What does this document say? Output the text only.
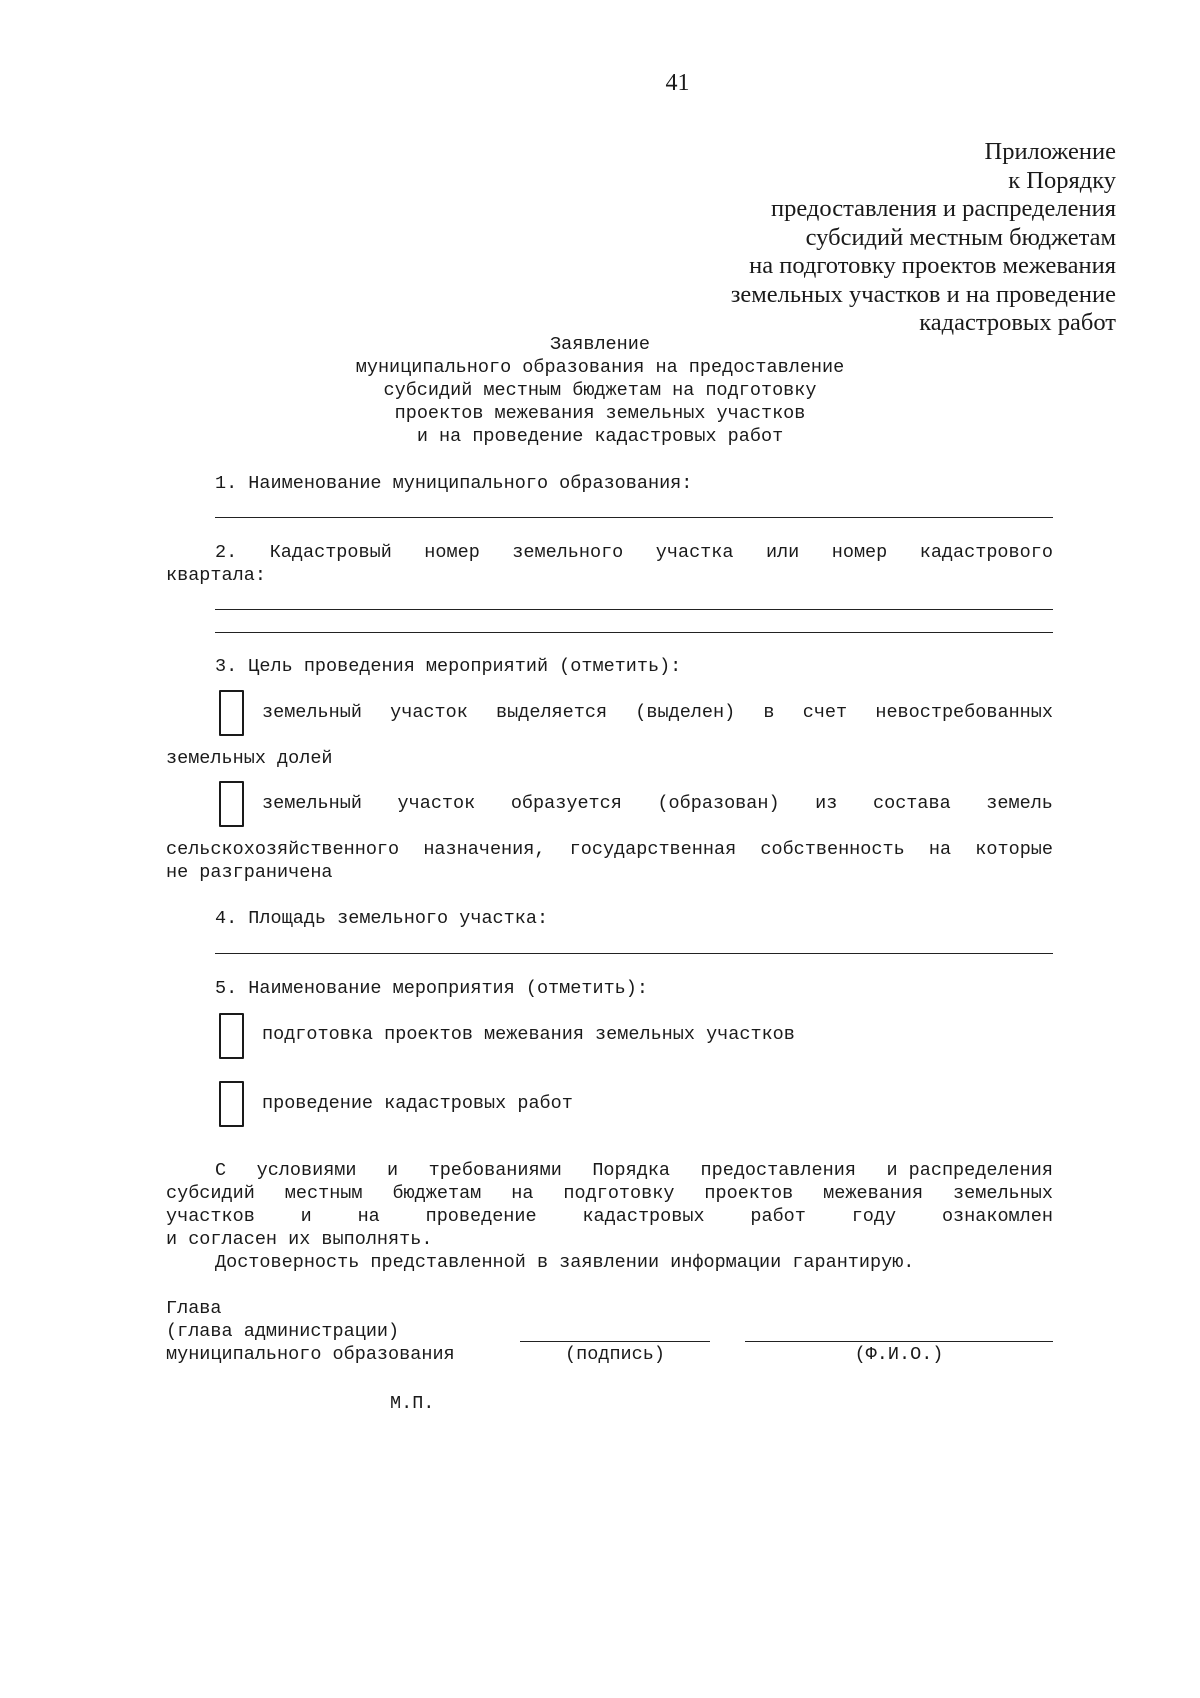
41
Приложение
к Порядку
предоставления и распределения
субсидий местным бюджетам
на подготовку проектов межевания
земельных участков и на проведение
кадастровых работ
Заявление
муниципального образования на предоставление
субсидий местным бюджетам на подготовку
проектов межевания земельных участков
и на проведение кадастровых работ
1. Наименование муниципального образования:
2. Кадастровый номер земельного участка или номер кадастрового
квартала:
3. Цель проведения мероприятий (отметить):
земельный участок выделяется (выделен) в счет невостребованных
земельных долей
земельный участок образуется (образован) из состава земель
сельскохозяйственного назначения, государственная собственность на которые
не разграничена
4. Площадь земельного участка:
5. Наименование мероприятия (отметить):
подготовка проектов межевания земельных участков
проведение кадастровых работ
С условиями и требованиями Порядка предоставления и распределения
субсидий местным бюджетам на подготовку проектов межевания земельных
участков и на проведение кадастровых работ году ознакомлен
и согласен их выполнять.
Достоверность представленной в заявлении информации гарантирую.
Глава
(глава администрации)
муниципального образования	(подпись)	(Ф.И.О.)
М.П.
